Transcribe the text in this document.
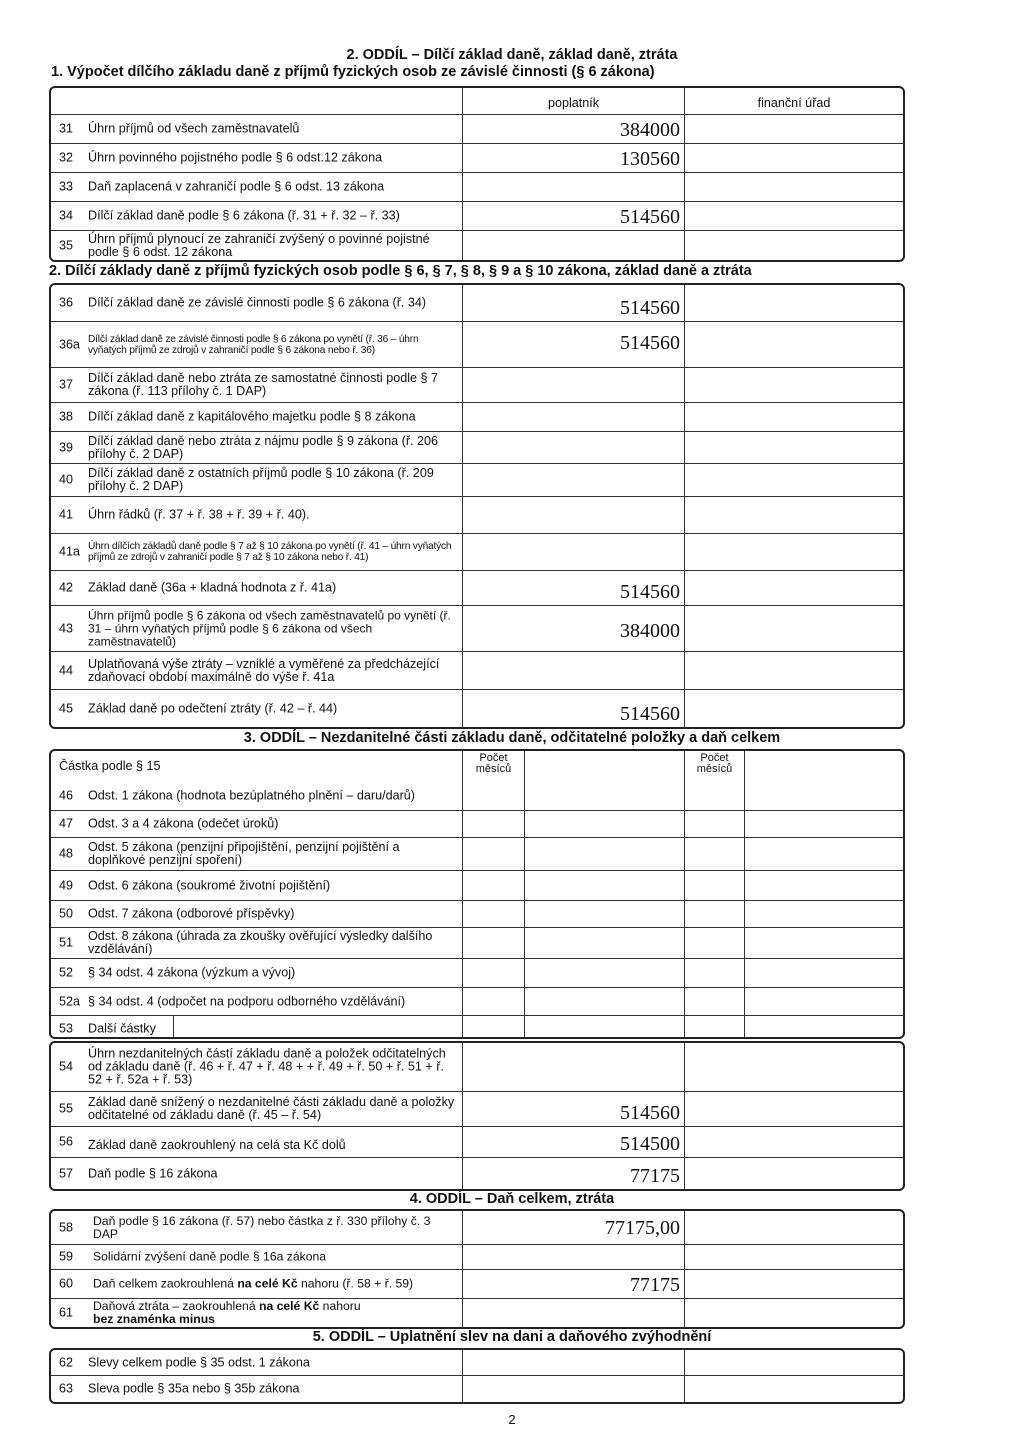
2. ODDÍL – Dílčí základ daně, základ daně, ztráta
1. Výpočet dílčího základu daně z příjmů fyzických osob ze závislé činnosti (§ 6 zákona)
poplatník	finanční úřad
31 Úhrn příjmů od všech zaměstnavatelů	384000
32 Úhrn povinného pojistného podle § 6 odst.12 zákona	130560
33 Daň zaplacená v zahraničí podle § 6 odst. 13 zákona
34 Dílčí základ daně podle § 6 zákona (ř. 31 + ř. 32 – ř. 33)	514560
35 Úhrn příjmů plynoucí ze zahraničí zvýšený o povinné pojistné podle § 6 odst. 12 zákona
2. Dílčí základy daně z příjmů fyzických osob podle § 6, § 7, § 8, § 9 a § 10 zákona, základ daně a ztráta
36 Dílčí základ daně ze závislé činnosti podle § 6 zákona (ř. 34)	514560
36a Dílčí základ daně ze závislé činnosti podle § 6 zákona po vynětí (ř. 36 – úhrn vyňatých příjmů ze zdrojů v zahraničí podle § 6 zákona nebo ř. 36)	514560
37 Dílčí základ daně nebo ztráta ze samostatné činnosti podle § 7 zákona (ř. 113 přílohy č. 1 DAP)
38 Dílčí základ daně z kapitálového majetku podle § 8 zákona
39 Dílčí základ daně nebo ztráta z nájmu podle § 9 zákona (ř. 206 přílohy č. 2 DAP)
40 Dílčí základ daně z ostatních příjmů podle § 10 zákona (ř. 209 přílohy č. 2 DAP)
41 Úhrn řádků (ř. 37 + ř. 38 + ř. 39 + ř. 40).
41a Úhrn dílčích základů daně podle § 7 až § 10 zákona po vynětí (ř. 41 – úhrn vyňatých příjmů ze zdrojů v zahraničí podle § 7 až § 10 zákona nebo ř. 41)
42 Základ daně (36a + kladná hodnota z ř. 41a)	514560
43
Úhrn příjmů podle § 6 zákona od všech zaměstnavatelů po vynětí (ř. 31 – úhrn vyňatých příjmů podle § 6 zákona od všech zaměstnavatelů)	384000
44 Uplatňovaná výše ztráty – vzniklé a vyměřené za předcházející zdaňovací období maximálně do výše ř. 41a
45 Základ daně po odečtení ztráty (ř. 42 – ř. 44)	514560
3. ODDÍL – Nezdanitelné části základu daně, odčitatelné položky a daň celkem
Částka podle § 15
Počet
měsíců
Počet
měsíců
46 Odst. 1 zákona (hodnota bezúplatného plnění – daru/darů)
47 Odst. 3 a 4 zákona (odečet úroků)
48 Odst. 5 zákona (penzijní připojištění, penzijní pojištění a doplňkové penzijní spoření)
49 Odst. 6 zákona (soukromé životní pojištění)
50 Odst. 7 zákona (odborové příspěvky)
51 Odst. 8 zákona (úhrada za zkoušky ověřující výsledky dalšího vzdělávání)
52 § 34 odst. 4 zákona (výzkum a vývoj)
52a § 34 odst. 4 (odpočet na podporu odborného vzdělávání)
53 Další částky
54
Úhrn nezdanitelných částí základu daně a položek odčitatelných od základu daně (ř. 46 + ř. 47 + ř. 48 + + ř. 49 + ř. 50 + ř. 51 + ř. 52 + ř. 52a + ř. 53)
55 Základ daně snížený o nezdanitelné části základu daně a položky odčitatelné od základu daně (ř. 45 – ř. 54)	514560
56 Základ daně zaokrouhlený na celá sta Kč dolů	514500
57 Daň podle § 16 zákona	77175
4. ODDÍL – Daň celkem, ztráta
58 Daň podle § 16 zákona (ř. 57) nebo částka z ř. 330 přílohy č. 3 DAP	77175,00
59 Solidární zvýšení daně podle § 16a zákona
60 Daň celkem zaokrouhlená na celé Kč nahoru (ř. 58 + ř. 59)	77175
61 Daňová ztráta – zaokrouhlená na celé Kč nahoru
bez znaménka minus
5. ODDÍL – Uplatnění slev na dani a daňového zvýhodnění
62 Slevy celkem podle § 35 odst. 1 zákona
63 Sleva podle § 35a nebo § 35b zákona
2
